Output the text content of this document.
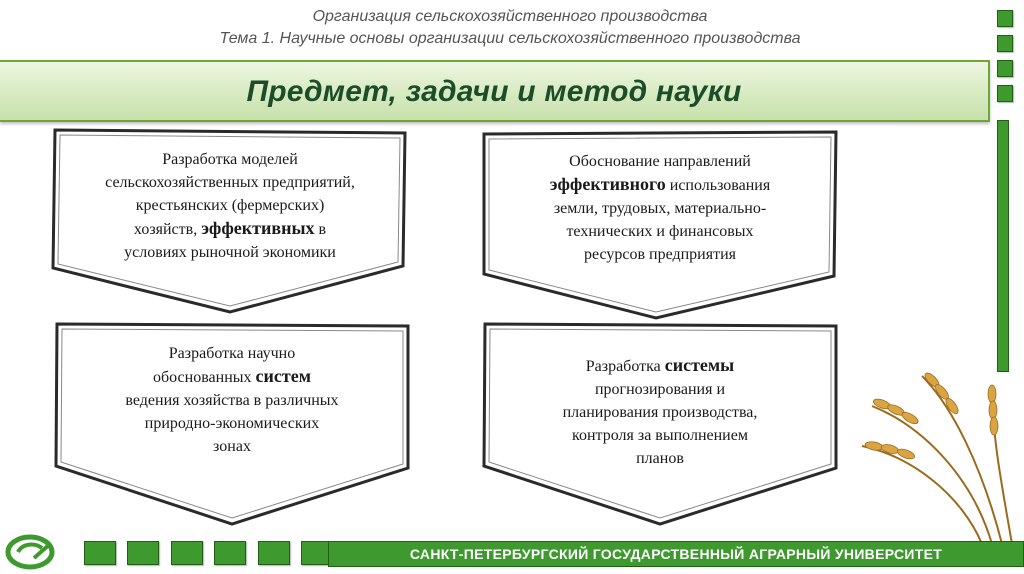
Организация сельскохозяйственного производства
Тема 1. Научные основы организации сельскохозяйственного производства
Предмет, задачи и метод науки
Разработка моделей
сельскохозяйственных предприятий,
крестьянских (фермерских)
хозяйств, эффективных в
условиях рыночной экономики
Обоснование направлений
эффективного использования
земли, трудовых, материально-
технических и финансовых
ресурсов предприятия
Разработка научно
обоснованных систем
ведения хозяйства в различных
природно-экономических
зонах
Разработка системы
прогнозирования и
планирования производства,
контроля за выполнением
планов

САНКТ-ПЕТЕРБУРГСКИЙ ГОСУДАРСТВЕННЫЙ АГРАРНЫЙ УНИВЕРСИТЕТ
